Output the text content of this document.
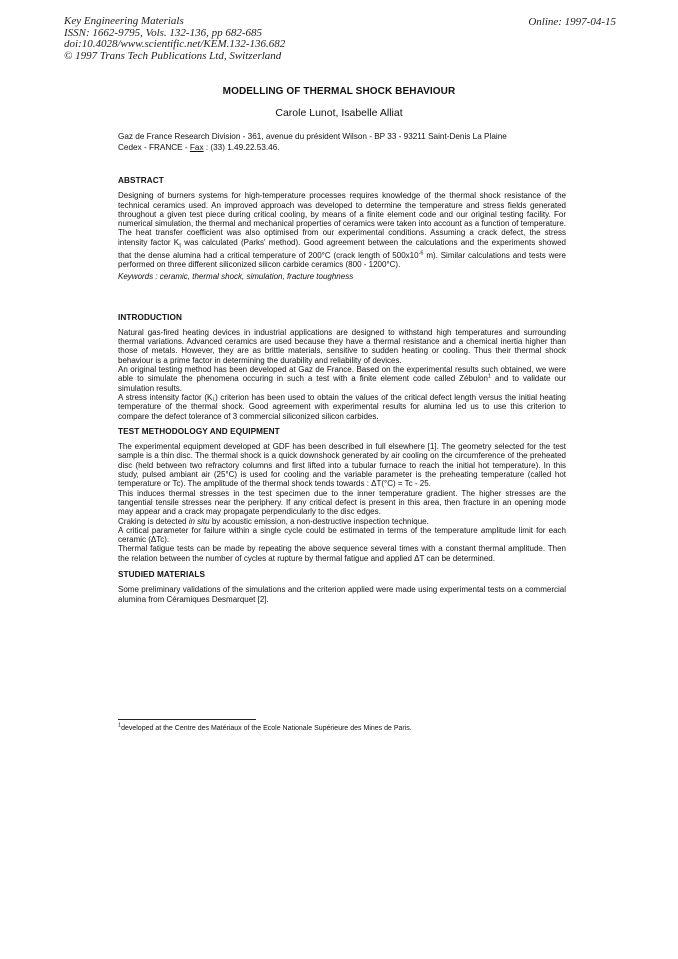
Key Engineering Materials
ISSN: 1662-9795, Vols. 132-136, pp 682-685
doi:10.4028/www.scientific.net/KEM.132-136.682
© 1997 Trans Tech Publications Ltd, Switzerland
Online: 1997-04-15
MODELLING OF THERMAL SHOCK BEHAVIOUR
Carole Lunot, Isabelle Alliat
Gaz de France Research Division - 361, avenue du président Wilson - BP 33 - 93211 Saint-Denis La Plaine
Cedex - FRANCE - Fax : (33) 1.49.22.53.46.
ABSTRACT

Designing of burners systems for high-temperature processes requires knowledge of the thermal shock resistance of the technical ceramics used. An improved approach was developed to determine the temperature and stress fields generated throughout a given test piece during critical cooling, by means of a finite element code and our original testing facility. For numerical simulation, the thermal and mechanical properties of ceramics were taken into account as a function of temperature. The heat transfer coefficient was also optimised from our experimental conditions. Assuming a crack defect, the stress intensity factor $K_I$ was calculated (Parks' method). Good agreement between the calculations and the experiments showed that the dense alumina had a critical temperature of 200°C (crack length of $500x10^{-6}$ m). Similar calculations and tests were performed on three different siliconized silicon carbide ceramics (800 - 1200°C).

Keywords : ceramic, thermal shock, simulation, fracture toughness

INTRODUCTION

Natural gas-fired heating devices in industrial applications are designed to withstand high temperatures and surrounding thermal variations. Advanced ceramics are used because they have a thermal resistance and a chemical inertia higher than those of metals. However, they are as brittle materials, sensitive to sudden heating or cooling. Thus their thermal shock behaviour is a prime factor in determining the durability and reliability of devices.

An original testing method has been developed at Gaz de France. Based on the experimental results such obtained, we were able to simulate the phenomena occuring in such a test with a finite element code called Zébulon$^1$ and to validate our simulation results.

A stress intensity factor (K₁) criterion has been used to obtain the values of the critical defect length versus the initial heating temperature of the thermal shock. Good agreement with experimental results for alumina led us to use this criterion to compare the defect tolerance of 3 commercial siliconized silicon carbides.

TEST METHODOLOGY AND EQUIPMENT

The experimental equipment developed at GDF has been described in full elsewhere [1]. The geometry selected for the test sample is a thin disc. The thermal shock is a quick downshock generated by air cooling on the circumference of the preheated disc (held between two refractory columns and first lifted into a tubular furnace to reach the initial hot temperature). In this study, pulsed ambiant air (25°C) is used for cooling and the variable parameter is the preheating temperature (called hot temperature or Tc). The amplitude of the thermal shock tends towards : ΔT(°C) = Tc - 25.

This induces thermal stresses in the test specimen due to the inner temperature gradient. The higher stresses are the tangential tensile stresses near the periphery. If any critical defect is present in this area, then fracture in an opening mode may appear and a crack may propagate perpendicularly to the disc edges.

Craking is detected in situ by acoustic emission, a non-destructive inspection technique.

A critical parameter for failure within a single cycle could be estimated in terms of the temperature amplitude limit for each ceramic (ΔTc).

Thermal fatigue tests can be made by repeating the above sequence several times with a constant thermal amplitude. Then the relation between the number of cycles at rupture by thermal fatigue and applied ΔT can be determined.

STUDIED MATERIALS

Some preliminary validations of the simulations and the criterion applied were made using experimental tests on a commercial alumina from Céramiques Desmarquet [2].

$^1$developed at the Centre des Matériaux of the Ecole Nationale Supérieure des Mines de Paris.
